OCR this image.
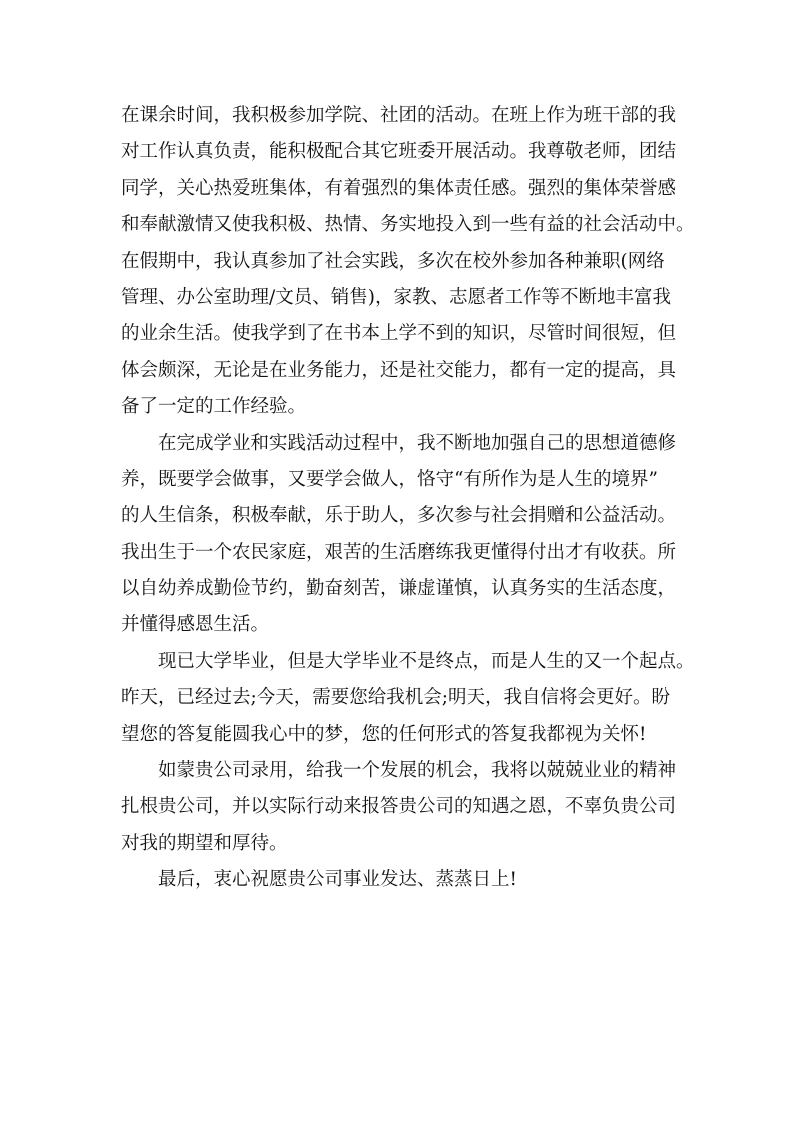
在课余时间，我积极参加学院、社团的活动。在班上作为班干部的我
对工作认真负责，能积极配合其它班委开展活动。我尊敬老师，团结
同学，关心热爱班集体，有着强烈的集体责任感。强烈的集体荣誉感
和奉献激情又使我积极、热情、务实地投入到一些有益的社会活动中。
在假期中，我认真参加了社会实践，多次在校外参加各种兼职(网络
管理、办公室助理/文员、销售)，家教、志愿者工作等不断地丰富我
的业余生活。使我学到了在书本上学不到的知识，尽管时间很短，但
体会颇深，无论是在业务能力，还是社交能力，都有一定的提高，具
备了一定的工作经验。
在完成学业和实践活动过程中，我不断地加强自己的思想道德修
养，既要学会做事，又要学会做人，恪守“有所作为是人生的境界”
的人生信条，积极奉献，乐于助人，多次参与社会捐赠和公益活动。
我出生于一个农民家庭，艰苦的生活磨练我更懂得付出才有收获。所
以自幼养成勤俭节约，勤奋刻苦，谦虚谨慎，认真务实的生活态度，
并懂得感恩生活。
现已大学毕业，但是大学毕业不是终点，而是人生的又一个起点。
昨天，已经过去;今天，需要您给我机会;明天，我自信将会更好。盼
望您的答复能圆我心中的梦，您的任何形式的答复我都视为关怀!
如蒙贵公司录用，给我一个发展的机会，我将以兢兢业业的精神
扎根贵公司，并以实际行动来报答贵公司的知遇之恩，不辜负贵公司
对我的期望和厚待。
最后，衷心祝愿贵公司事业发达、蒸蒸日上!
